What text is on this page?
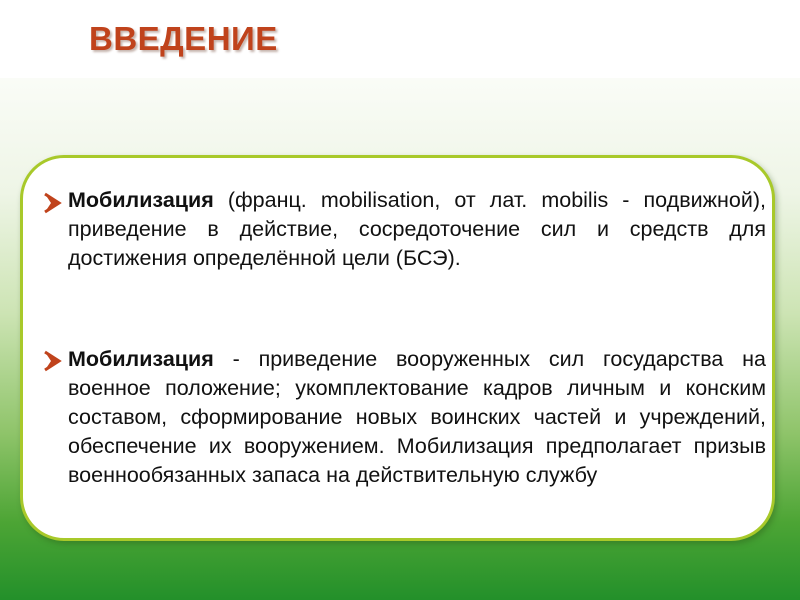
ВВЕДЕНИЕ

Мобилизация (франц. mobilisation, от лат. mobilis - подвижной), приведение в действие, сосредоточение сил и средств для достижения определённой цели (БСЭ).

Мобилизация - приведение вооруженных сил государства на военное положение; укомплектование кадров личным и конским составом, сформирование новых воинских частей и учреждений, обеспечение их вооружением. Мобилизация предполагает призыв военнообязанных запаса на действительную службу
